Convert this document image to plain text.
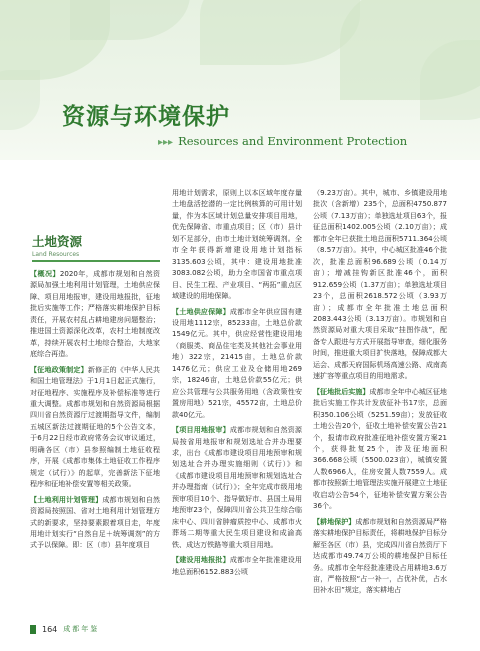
资源与环境保护
▸▸▸ Resources and Environment Protection
土地资源
Land Resources

【概况】2020年，成都市规划和自然资源局加强土地利用计划管理，土地供应保障、项目用地报审，建设用地报批，征地批后实施等工作；严格落实耕地保护目标责任，开展农村乱占耕地建房问题整治；推进国土资源深化改革，农村土地制度改革，持续开展农村土地综合整治，大地家底综合再造。

【征地政策制定】新修正的《中华人民共和国土地管理法》于1月1日起正式施行，对征地程序、实施程序及补偿标准等进行重大调整。成都市规划和自然资源局根据四川省自然资源厅过渡期指导文件，编制五城区新法过渡期征地的5个公告文本，于6月22日经市政府常务会议审议通过，明确各区（市）县参照编制土地征收程序，开展《成都市集体土地征收工作程序规定（试行）》的起草，完善新法下征地程序和征地补偿安置等相关政策。

【土地利用计划管理】成都市规划和自然资源局按照国、省对土地利用计划管理方式的新要求，坚持要素跟着项目走，年度用地计划实行“自然自足＋统筹调剂”的方式予以保障。即：区（市）县年度项目

用地计划需求，原则上以本区域年度存量土地盘活挖潜的一定比例核算的可用计划量，作为本区域计划总量安排项目用地，优先保障省、市重点项目；区（市）县计划不足部分，由市土地计划统筹调剂。全市全年获得新增建设用地计划指标3135.603公顷，其中：建设用地批准3083.082公顷，助力全市国省市重点项目、民生工程、产业项目、“两拓”重点区域建设的用地保障。

【土地供应保障】成都市全年供应国有建设用地1112宗，85233亩，土地总价款1549亿元。其中，供应经营性建设用地（商服类、商品住宅类及其他社会事业用地）322宗，21415亩，土地总价款1476亿元；供应工业及仓储用地269宗，18246亩，土地总价款55亿元；供应公共管理与公共服务用地（含政策性安置房用地）521宗，45572亩，土地总价款40亿元。

【项目用地报审】成都市规划和自然资源局按省用地报审和规划选址合并办理要求，出台《成都市建设项目用地预审和规划选址合并办理实施细则（试行）》和《成都市建设项目用地预审和规划选址合并办理指南（试行）》；全年完成市级用地预审项目10个、指导做好市、县国土局用地预审23个，保障四川省公共卫生综合临床中心、四川省肿瘤质控中心、成都市火葬场二期等重大民生项目建设和成渝高铁、成达万铁路等重大项目用地。

【建设用地报批】成都市全年批准建设用地总面积6152.883公顷

（9.23万亩）。其中，城市、乡镇建设用地批次（含新增）235个，总面积4750.877公顷（7.13万亩）；单独选址项目63个，报征总面积1402.005公顷（2.10万亩）；成都市全年已获批土地总面积5711.364公顷（8.57万亩）。其中，中心城区批准46个批次，批准总面积96.689公顷（0.14万亩）；增减挂钩新区批准46个，面积912.659公顷（1.37万亩）；单独选址项目23个，总面积2618.572公顷（3.93万亩）；成都市全年批准土地总面积2083.443公顷（3.13万亩）。市规划和自然资源局对重大项目采取“挂图作战”，配备专人跟进与方式开展指导审查，细化服务时间，推进重大项目扩快落地，保障成都大运会、成都天府国际机场高速公路、成南高速扩容等重点项目的用地需求。

【征地批后实施】成都市全年中心城区征地批后实施工作共计发放征补书17宗，总面积350.106公顷（5251.59亩）；发放征收土地公告20个，征收土地补偿安置公告21个，报请市政府批准征地补偿安置方案21个，获得批复25个，涉及征地面积366.668公顷（5500.023亩），城镇安置人数6966人，住房安置人数7559人。成都市按照新土地管理法实施开展建立土地征收启动公告54个，征地补偿安置方案公告36个。

【耕地保护】成都市规划和自然资源局严格落实耕地保护目标责任，将耕地保护目标分解至各区（市）县，完成四川省自然资厅下达成都市49.74万公顷的耕地保护目标任务。成都市全年经批准建设占用耕地3.6万亩，严格按照“占一补一，占优补优，占水田补水田”规定，落实耕地占

164 成都年鉴
